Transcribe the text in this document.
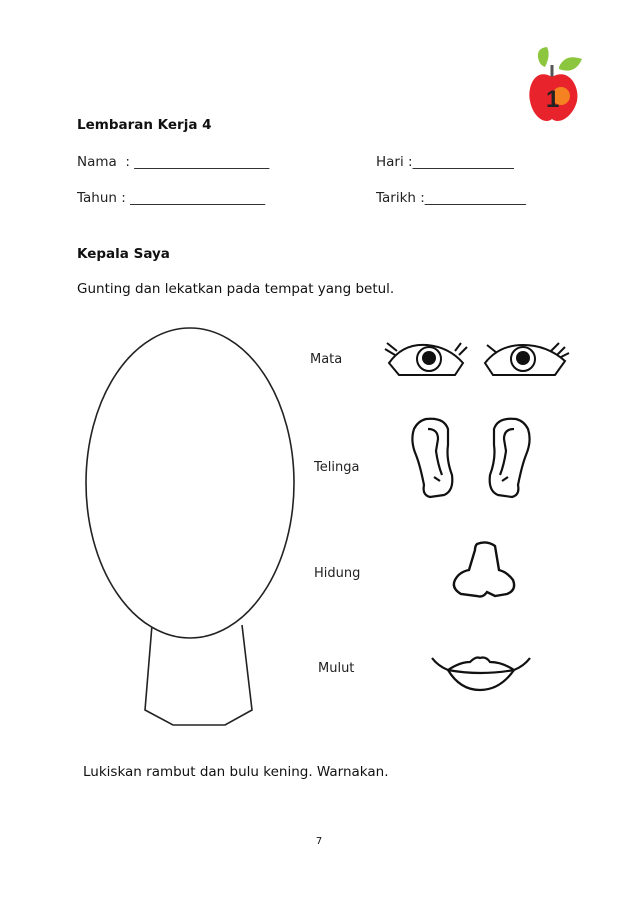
1
Lembaran Kerja 4
Nama  : ____________________	Hari :_______________
Tahun : ____________________	Tarikh :_______________
Kepala Saya
Gunting dan lekatkan pada tempat yang betul.
Mata
Telinga
Hidung
Mulut
Lukiskan rambut dan bulu kening. Warnakan.
7
